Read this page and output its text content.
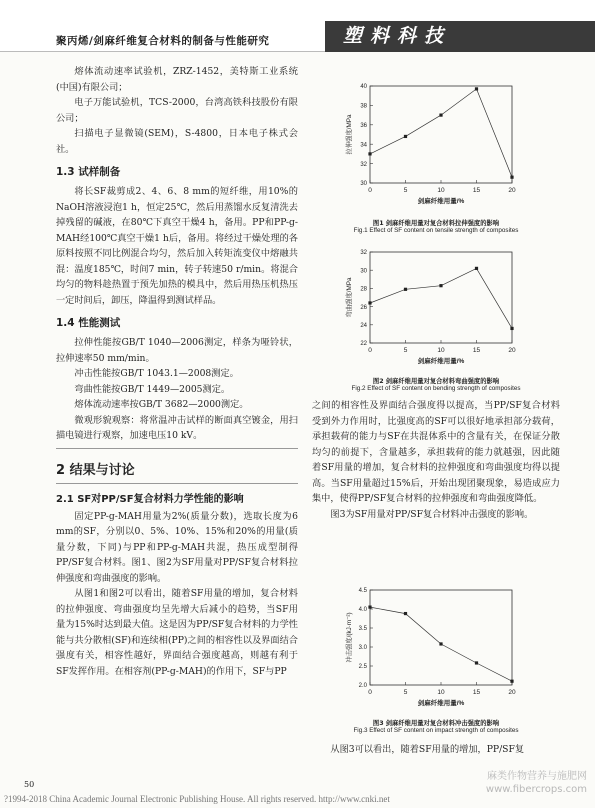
聚丙烯/剑麻纤维复合材料的制备与性能研究	塑料科技

熔体流动速率试验机，ZRZ-1452，美特斯工业系统(中国)有限公司；

电子万能试验机，TCS-2000，台湾高铁科技股份有限公司；

扫描电子显微镜(SEM)，S-4800，日本电子株式会社。

1.3 试样制备

将长SF裁剪成2、4、6、8 mm的短纤维，用10%的NaOH溶液浸泡1 h，恒定25℃，然后用蒸馏水反复清洗去掉残留的碱液，在80℃下真空干燥4 h，备用。PP和PP-g-MAH经100℃真空干燥1 h后，备用。将经过干燥处理的各原料按照不同比例混合均匀，然后加入转矩流变仪中熔融共混：温度185℃，时间7 min，转子转速50 r/min。将混合均匀的物料趁热置于预先加热的模具中，然后用热压机热压一定时间后，卸压，降温得到测试样品。

1.4 性能测试

拉伸性能按GB/T 1040—2006测定，样条为哑铃状，拉伸速率50 mm/min。

冲击性能按GB/T 1043.1—2008测定。

弯曲性能按GB/T 1449—2005测定。

熔体流动速率按GB/T 3682—2000测定。

微观形貌观察：将常温冲击试样的断面真空镀金，用扫描电镜进行观察，加速电压10 kV。

2 结果与讨论
2.1 SF对PP/SF复合材料力学性能的影响

固定PP-g-MAH用量为2%(质量分数)，选取长度为6 mm的SF，分别以0、5%、10%、15%和20%的用量(质量分数，下同)与PP和PP-g-MAH共混，热压成型制得PP/SF复合材料。图1、图2为SF用量对PP/SF复合材料拉伸强度和弯曲强度的影响。

从图1和图2可以看出，随着SF用量的增加，复合材料的拉伸强度、弯曲强度均呈先增大后减小的趋势，当SF用量为15%时达到最大值。这是因为PP/SF复合材料的力学性能与共分散相(SF)和连续相(PP)之间的相容性以及界面结合强度有关，相容性越好，界面结合强度越高，则越有利于SF发挥作用。在相容剂(PP-g-MAH)的作用下，SF与PP

0	5	10	15	20
30
32
34
36
38
40
剑麻纤维用量/%
拉伸强度/MPa
图1 剑麻纤维用量对复合材料拉伸强度的影响
Fig.1 Effect of SF content on tensile strength of composites
0	5	10	15	20
22
24
26
28
30
32
剑麻纤维用量/%
弯曲强度/MPa
图2 剑麻纤维用量对复合材料弯曲强度的影响
Fig.2 Effect of SF content on bending strength of composites

之间的相容性及界面结合强度得以提高，当PP/SF复合材料受到外力作用时，比强度高的SF可以很好地承担部分载荷，承担载荷的能力与SF在共混体系中的含量有关，在保证分散均匀的前提下，含量越多，承担载荷的能力就越强，因此随着SF用量的增加，复合材料的拉伸强度和弯曲强度均得以提高。当SF用量超过15%后，开始出现团聚现象，易造成应力集中，使得PP/SF复合材料的拉伸强度和弯曲强度降低。

图3为SF用量对PP/SF复合材料冲击强度的影响。

0	5	10	15	20
2.0
2.5
3.0
3.5
4.0
4.5
剑麻纤维用量/%
冲击强度/(kJ·m⁻²)
图3 剑麻纤维用量对复合材料冲击强度的影响
Fig.3 Effect of SF content on impact strength of composites

从图3可以看出，随着SF用量的增加，PP/SF复

50
麻类作物营养与施肥网
www.fibercrops.com
?1994-2018 China Academic Journal Electronic Publishing House. All rights reserved. http://www.cnki.net
